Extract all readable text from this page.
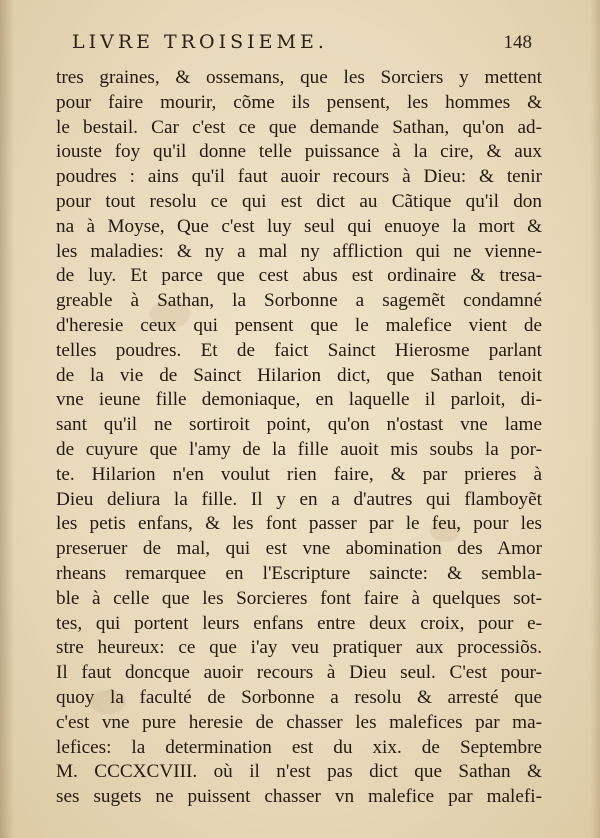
LIVRE TROISIEME.	148
tres graines, & ossemans, que les Sorciers y mettent
pour faire mourir, cõme ils pensent, les hommes &
le bestail. Car c'est ce que demande Sathan, qu'on ad-
iouste foy qu'il donne telle puissance à la cire, & aux
poudres : ains qu'il faut auoir recours à Dieu: & tenir
pour tout resolu ce qui est dict au Cãtique qu'il don
na à Moyse, Que c'est luy seul qui enuoye la mort &
les maladies: & ny a mal ny affliction qui ne vienne-
de luy. Et parce que cest abus est ordinaire & tresa-
greable à Sathan, la Sorbonne a sagemẽt condamné
d'heresie ceux qui pensent que le malefice vient de
telles poudres. Et de faict Sainct Hierosme parlant
de la vie de Sainct Hilarion dict, que Sathan tenoit
vne ieune fille demoniaque, en laquelle il parloit, di-
sant qu'il ne sortiroit point, qu'on n'ostast vne lame
de cuyure que l'amy de la fille auoit mis soubs la por-
te. Hilarion n'en voulut rien faire, & par prieres à
Dieu deliura la fille. Il y en a d'autres qui flamboyẽt
les petis enfans, & les font passer par le feu, pour les
preseruer de mal, qui est vne abomination des Amor
rheans remarquee en l'Escripture saincte: & sembla-
ble à celle que les Sorcieres font faire à quelques sot-
tes, qui portent leurs enfans entre deux croix, pour e-
stre heureux: ce que i'ay veu pratiquer aux processiõs.
Il faut doncque auoir recours à Dieu seul. C'est pour-
quoy la faculté de Sorbonne a resolu & arresté que
c'est vne pure heresie de chasser les malefices par ma-
lefices: la determination est du xix. de Septembre
M. CCCXCVIII. où il n'est pas dict que Sathan &
ses sugets ne puissent chasser vn malefice par malefi-
